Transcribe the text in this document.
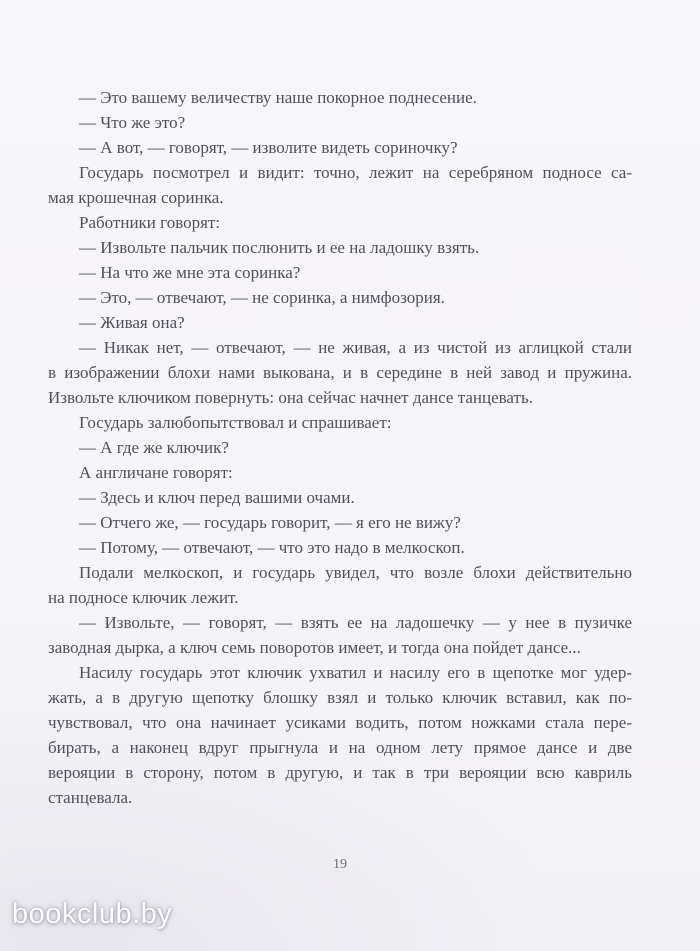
— Это вашему величеству наше покорное поднесение.

— Что же это?

— А вот, — говорят, — изволите видеть сориночку?

Государь посмотрел и видит: точно, лежит на серебряном подносе са-
мая крошечная соринка.

Работники говорят:

— Извольте пальчик послюнить и ее на ладошку взять.

— На что же мне эта соринка?

— Это, — отвечают, — не соринка, а нимфозория.

— Живая она?

— Никак нет, — отвечают, — не живая, а из чистой из аглицкой стали
в изображении блохи нами выкована, и в середине в ней завод и пружина.
Извольте ключиком повернуть: она сейчас начнет дансе танцевать.

Государь залюбопытствовал и спрашивает:

— А где же ключик?

А англичане говорят:

— Здесь и ключ перед вашими очами.

— Отчего же, — государь говорит, — я его не вижу?

— Потому, — отвечают, — что это надо в мелкоскоп.

Подали мелкоскоп, и государь увидел, что возле блохи действительно
на подносе ключик лежит.

— Извольте, — говорят, — взять ее на ладошечку — у нее в пузичке
заводная дырка, а ключ семь поворотов имеет, и тогда она пойдет дансе...

Насилу государь этот ключик ухватил и насилу его в щепотке мог удер-
жать, а в другую щепотку блошку взял и только ключик вставил, как по-
чувствовал, что она начинает усиками водить, потом ножками стала пере-
бирать, а наконец вдруг прыгнула и на одном лету прямое дансе и две
верояции в сторону, потом в другую, и так в три верояции всю кавриль
станцевала.

19
bookclub.by
